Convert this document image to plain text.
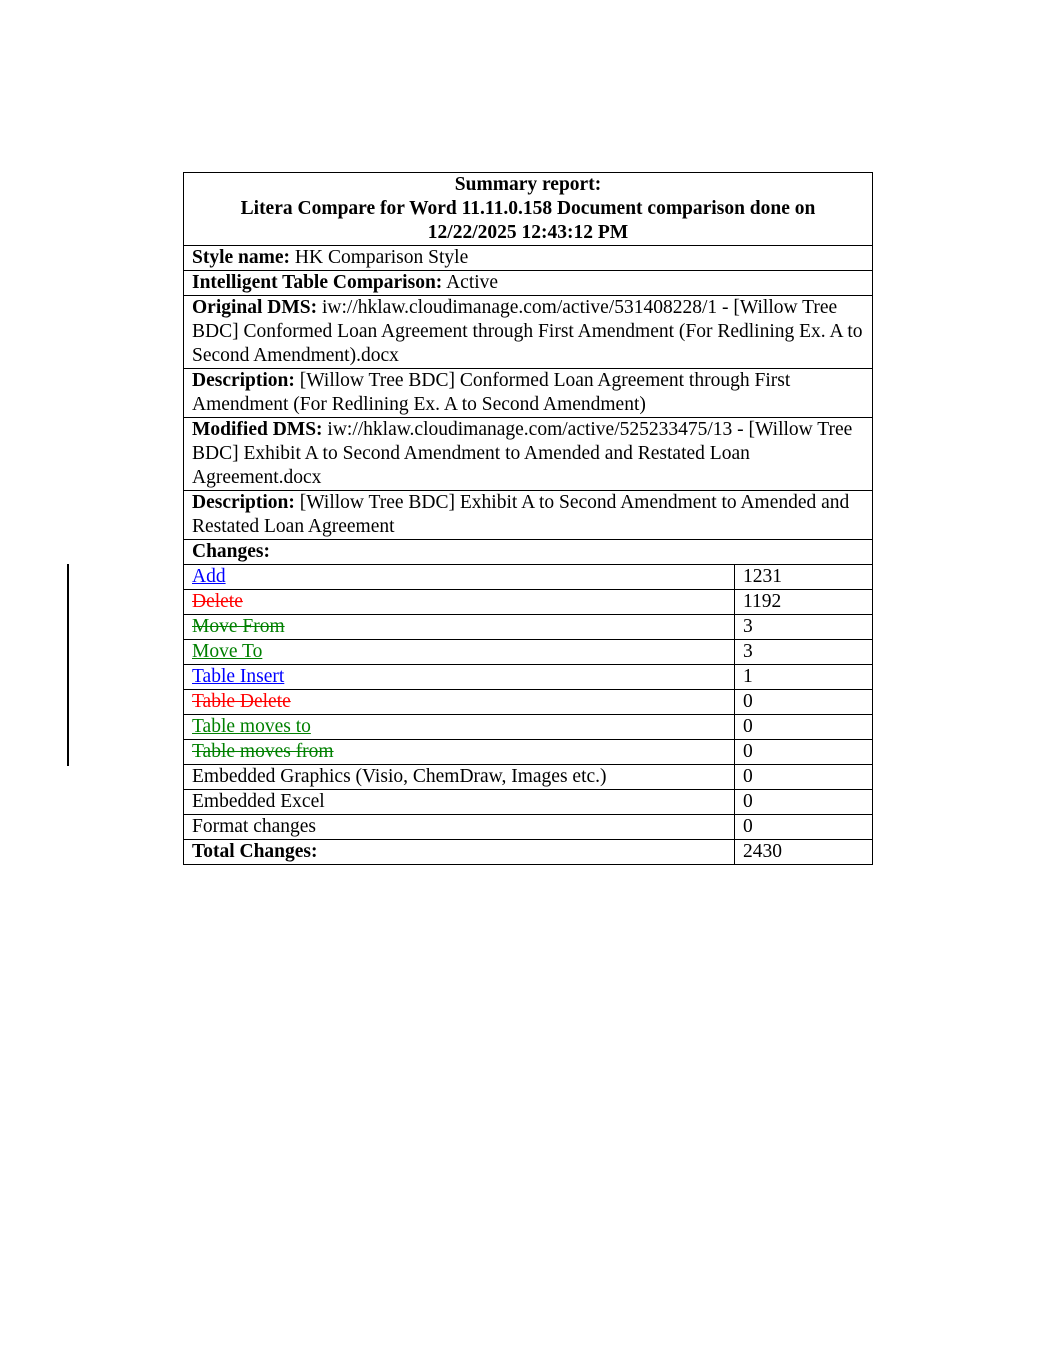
Summary report:
Litera Compare for Word 11.11.0.158 Document comparison done on
12/22/2025 12:43:12 PM	

Style name: HK Comparison Style	
Intelligent Table Comparison: Active	
Original DMS: iw://hklaw.cloudimanage.com/active/531408228/1 - [Willow Tree BDC] Conformed Loan Agreement through First Amendment (For Redlining Ex. A to Second Amendment).docx	
Description: [Willow Tree BDC] Conformed Loan Agreement through First Amendment (For Redlining Ex. A to Second Amendment)	
Modified DMS: iw://hklaw.cloudimanage.com/active/525233475/13 - [Willow Tree BDC] Exhibit A to Second Amendment to Amended and Restated Loan Agreement.docx	
Description: [Willow Tree BDC] Exhibit A to Second Amendment to Amended and Restated Loan Agreement	
Changes:	
Add	1231
Delete	1192
Move From	3
Move To	3
Table Insert	1
Table Delete	0
Table moves to	0
Table moves from	0
Embedded Graphics (Visio, ChemDraw, Images etc.)	0
Embedded Excel	0
Format changes	0
Total Changes:	2430
